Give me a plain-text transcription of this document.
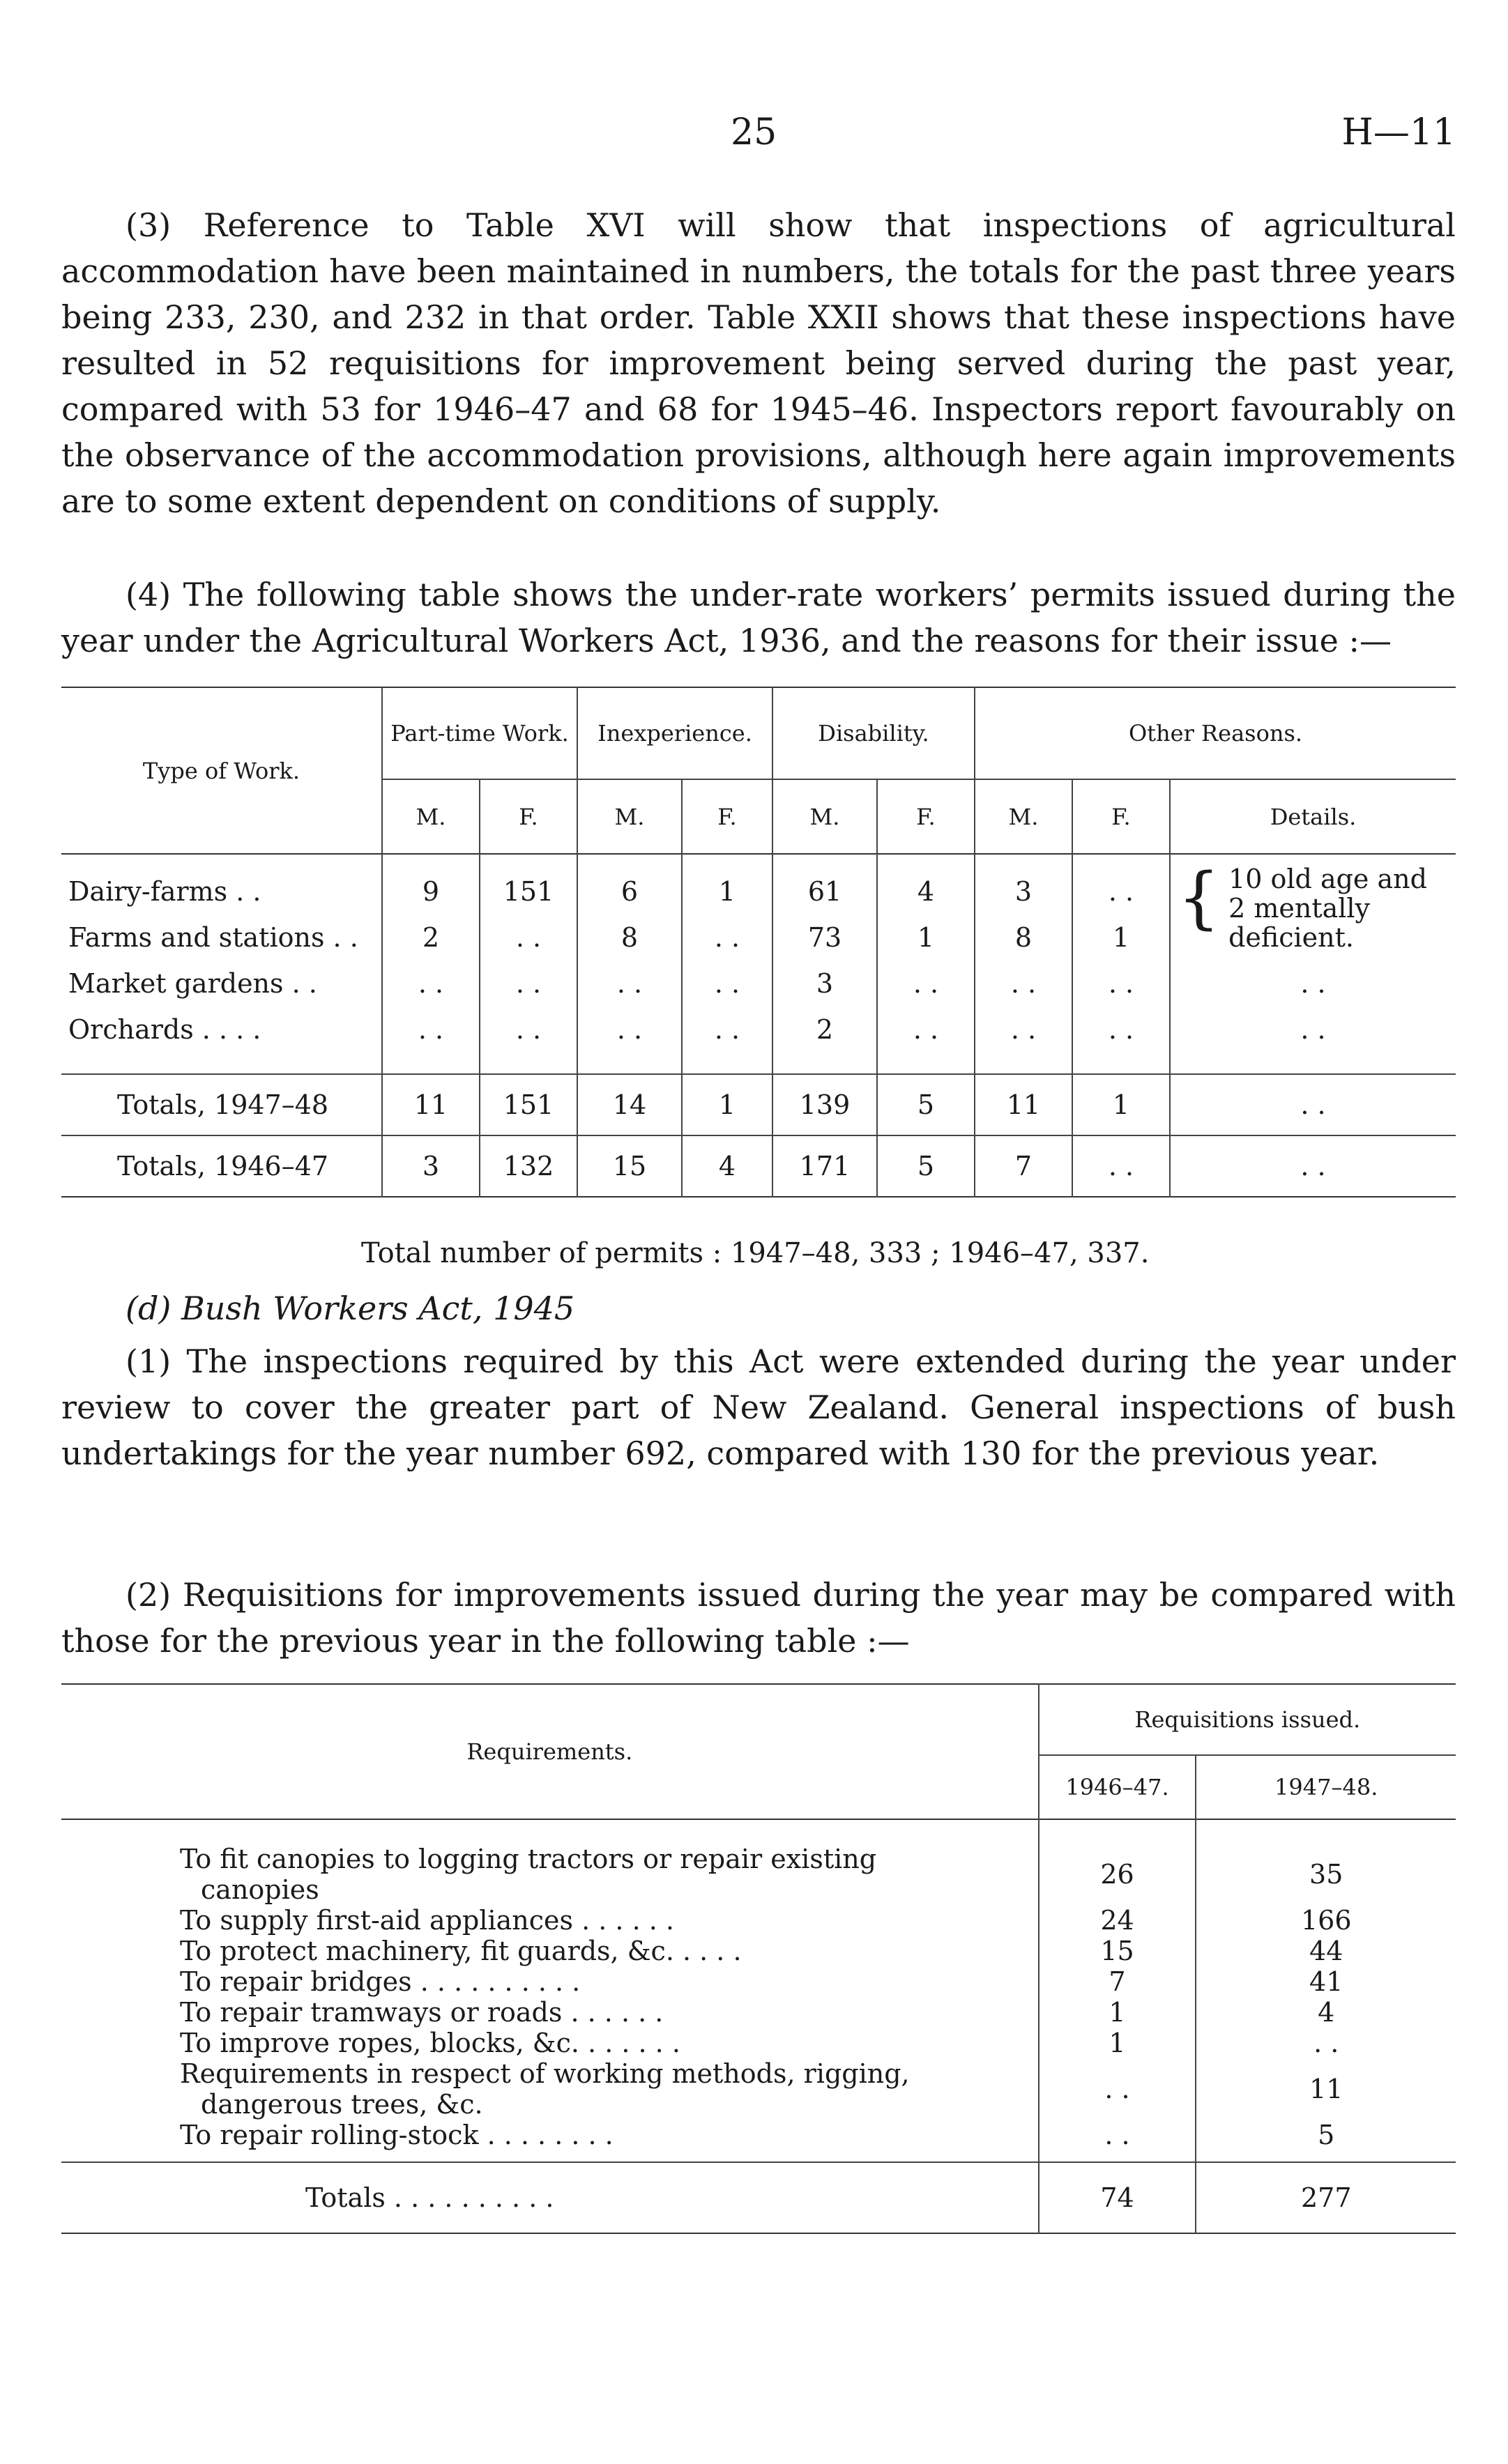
25	H—11

(3) Reference to Table XVI will show that inspections of agricultural accommodation have been maintained in numbers, the totals for the past three years being 233, 230, and 232 in that order. Table XXII shows that these inspections have resulted in 52 requisitions for improvement being served during the past year, compared with 53 for 1946–47 and 68 for 1945–46. Inspectors report favourably on the observance of the accommodation provisions, although here again improvements are to some extent dependent on conditions of supply.

(4) The following table shows the under-rate workers’ permits issued during the year under the Agricultural Workers Act, 1936, and the reasons for their issue :—

Type of Work.	Part-time Work.		Inexperience.		Disability.		Other Reasons.		
	M.	F.	M.	F.	M.	F.	M.	F.	Details.
Dairy-farms . .	9	151	6	1	61	4	3	. .	{ 10 old age and 2 mentally deficient.
Farms and stations . .	2	. .	8	. .	73	1	8	1	
Market gardens . .	. .	. .	. .	. .	3	. .	. .	. .	. .
Orchards . . . .	. .	. .	. .	. .	2	. .	. .	. .	. .

Totals, 1947–48	11	151	14	1	139	5	11	1	. .
Totals, 1946–47	3	132	15	4	171	5	7	. .	. .

Total number of permits : 1947–48, 333 ; 1946–47, 337.

(d) Bush Workers Act, 1945

(1) The inspections required by this Act were extended during the year under review to cover the greater part of New Zealand. General inspections of bush undertakings for the year number 692, compared with 130 for the previous year.

(2) Requisitions for improvements issued during the year may be compared with those for the previous year in the following table :—

Requirements.	Requisitions issued.	
	1946–47.	1947–48.
To fit canopies to logging tractors or repair existing
canopies	26	35
To supply first-aid appliances . . . . . .	24	166
To protect machinery, fit guards, &c. . . . .	15	44
To repair bridges . . . . . . . . . .	7	41
To repair tramways or roads . . . . . .	1	4
To improve ropes, blocks, &c. . . . . . .	1	. .
Requirements in respect of working methods, rigging,
dangerous trees, &c.	. .	11
To repair rolling-stock . . . . . . . .	. .	5
Totals . . . . . . . . . .	74	277
